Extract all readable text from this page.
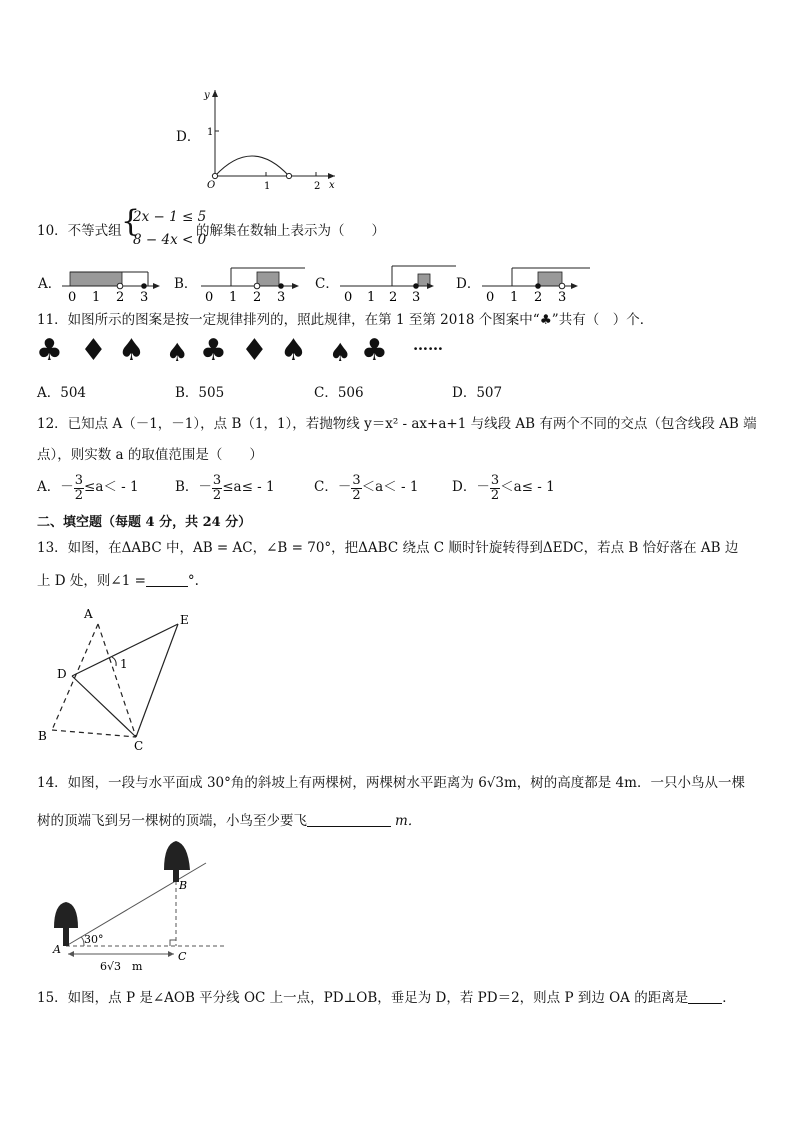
D．
y
x
O
1
1	2
10．不等式组 {
2x − 1 ≤ 5
8 − 4x < 0
的解集在数轴上表示为（　　）
A．
0 1 2 3
B．
0 1 2 3
C．
0 1 2 3
D．
0 1 2 3
11．如图所示的图案是按一定规律排列的，照此规律，在第 1 至第 2018 个图案中“♣”共有（　）个．
♣ ♦ ♠ ♠ ♣ ♦ ♠ ♠ ♣ ……
A．504	B．505	C．506	D．507
12．已知点 A（－1，－1），点 B（1，1），若抛物线 y＝x² - ax+a+1 与线段 AB 有两个不同的交点（包含线段 AB 端
点），则实数 a 的取值范围是（　　）
A． － $\frac{3}{2} \le a< - 1$	B． － $\frac{3}{2} \le a\le - 1$	C． － $\frac{3}{2} <a< - 1$ D． － $\frac{3}{2} <a\le - 1$
二、填空题（每题 4 分，共 24 分）
13．如图，在ΔABC 中，AB = AC，∠B = 70°，把ΔABC 绕点 C 顺时针旋转得到ΔEDC，若点 B 恰好落在 AB 边
上 D 处，则∠1 =	°.
A	E
D
B
C
1
14．如图，一段与水平面成 30°角的斜坡上有两棵树，两棵树水平距离为 6√3m，树的高度都是 4m．一只小鸟从一棵
树的顶端飞到另一棵树的顶端，小鸟至少要飞	m．
A
B
C
30°
6√3　m
15．如图，点 P 是∠AOB 平分线 OC 上一点，PD⊥OB，垂足为 D，若 PD＝2，则点 P 到边 OA 的距离是	．
